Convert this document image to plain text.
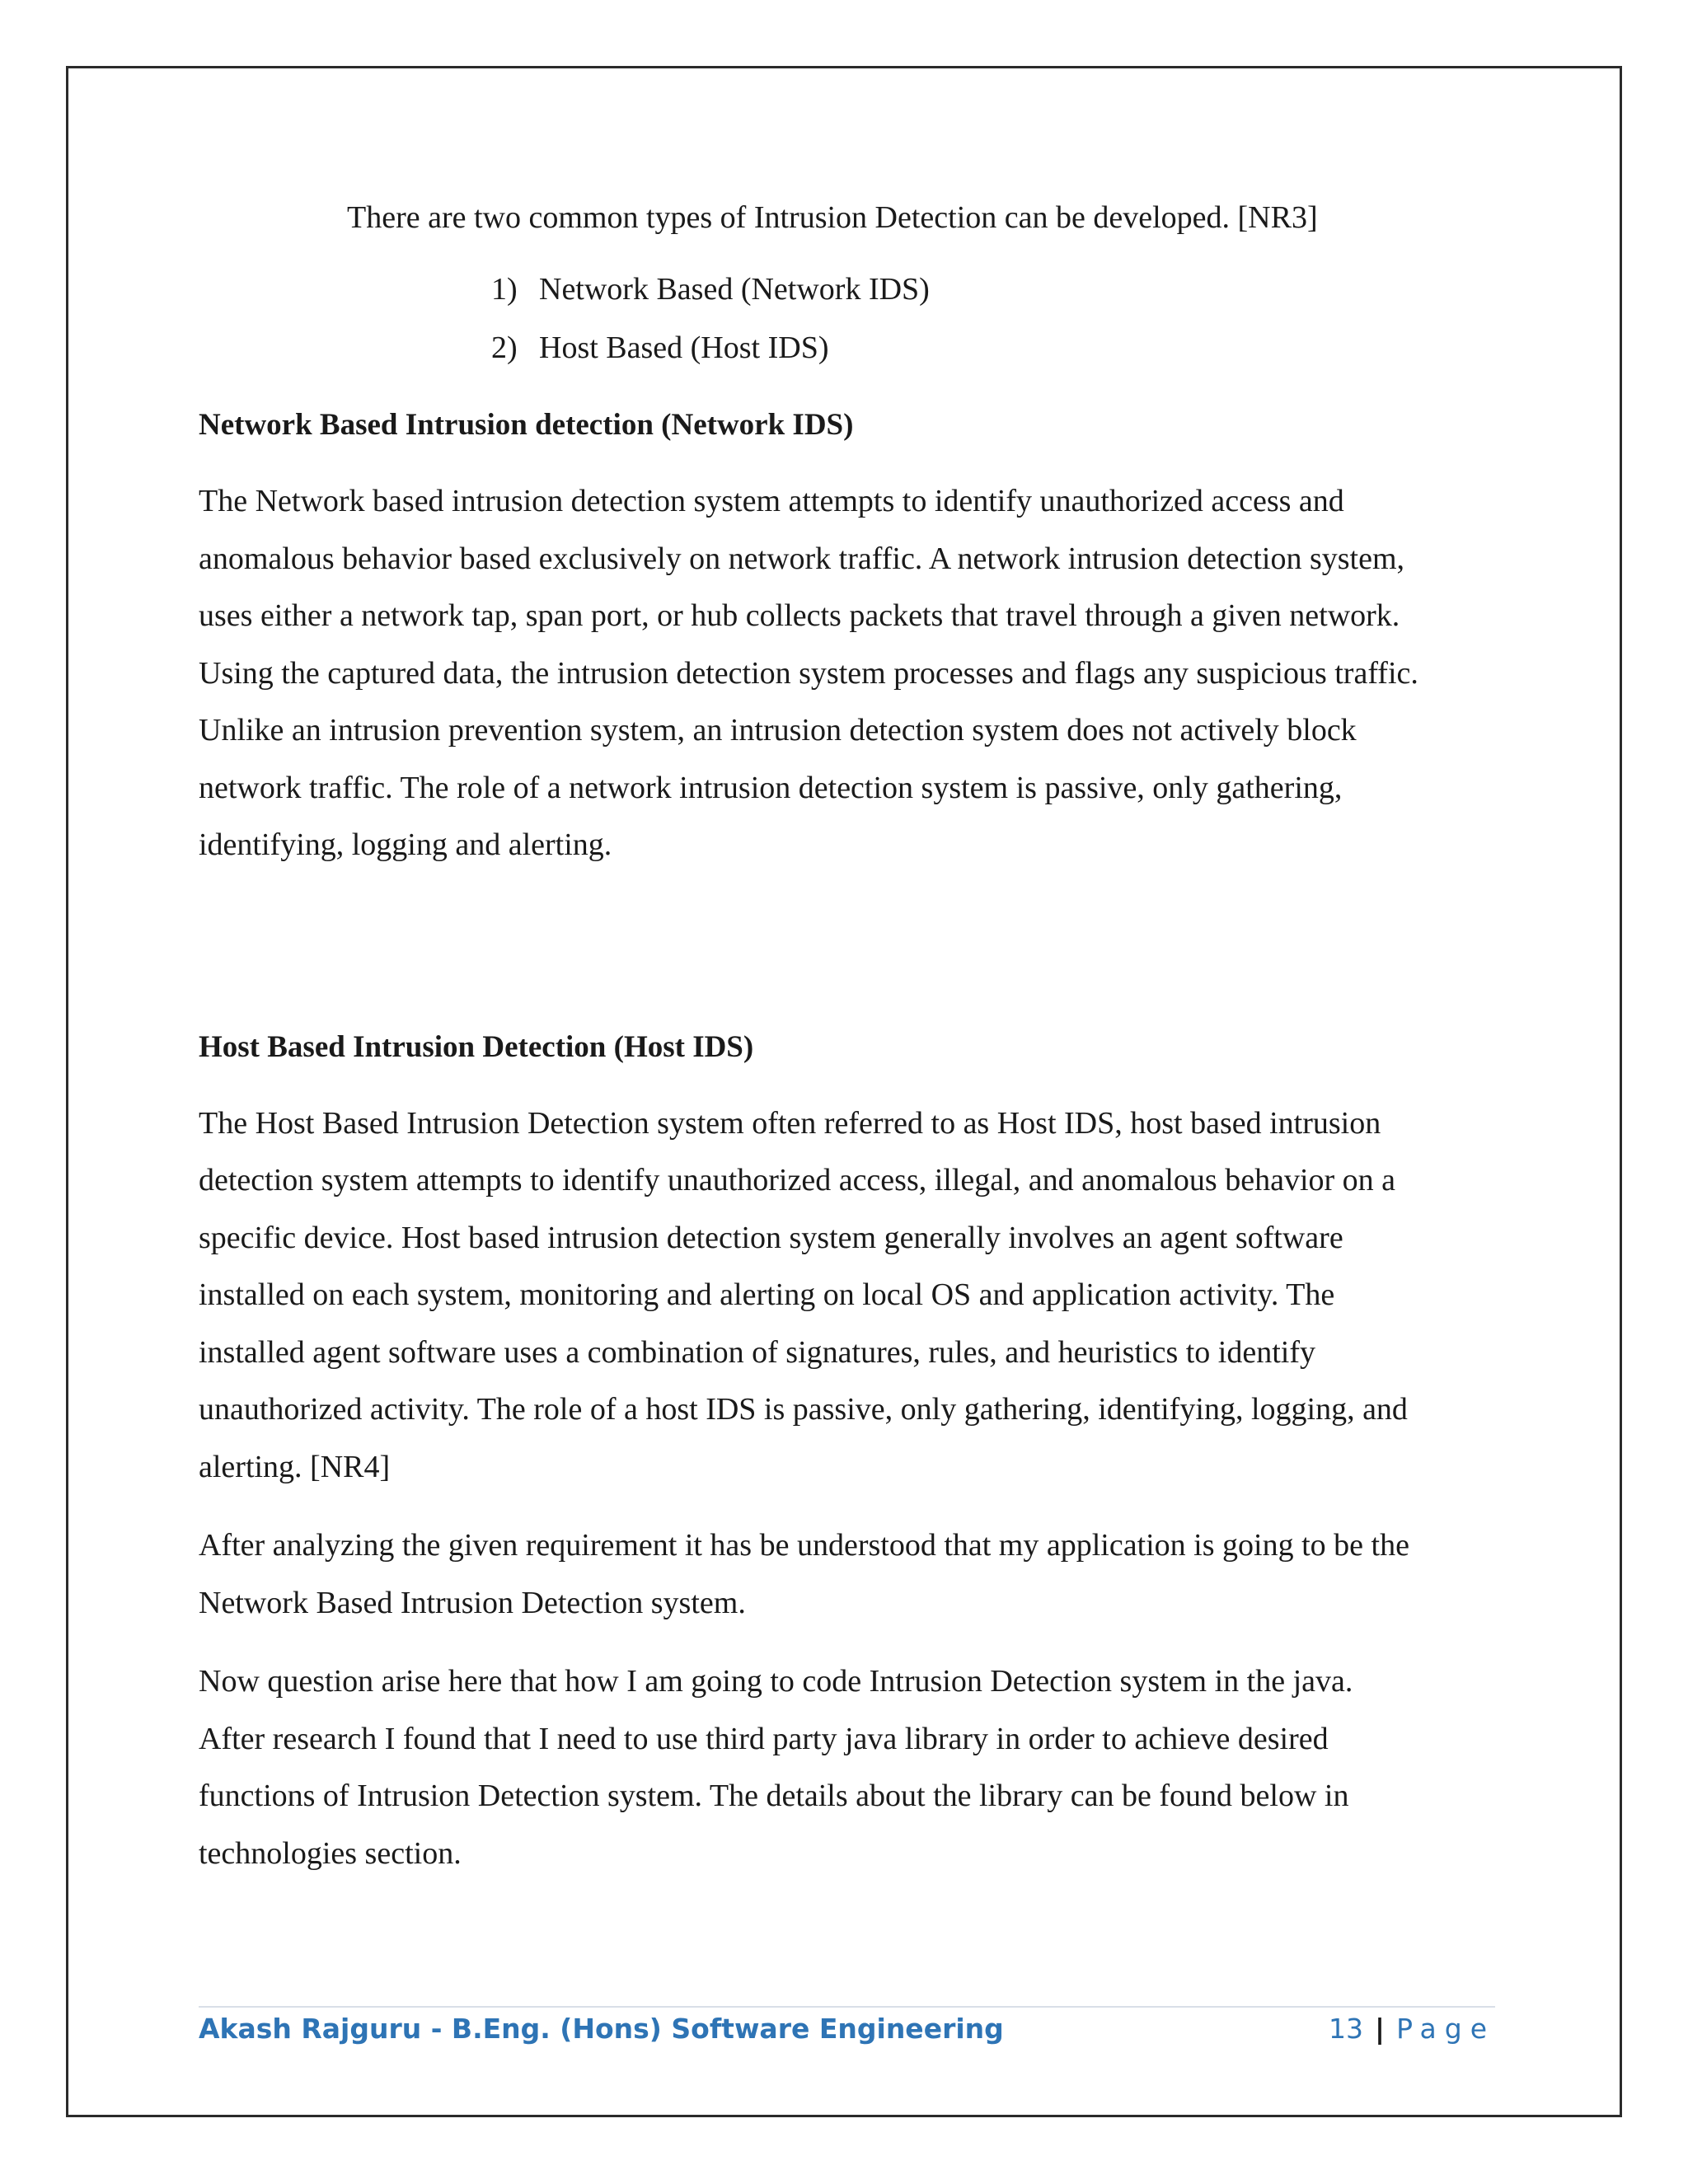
There are two common types of Intrusion Detection can be developed. [NR3]

1) Network Based (Network IDS)
2) Host Based (Host IDS)
Network Based Intrusion detection (Network IDS)

The Network based intrusion detection system attempts to identify unauthorized access and
anomalous behavior based exclusively on network traffic. A network intrusion detection system,
uses either a network tap, span port, or hub collects packets that travel through a given network.
Using the captured data, the intrusion detection system processes and flags any suspicious traffic.
Unlike an intrusion prevention system, an intrusion detection system does not actively block
network traffic. The role of a network intrusion detection system is passive, only gathering,
identifying, logging and alerting.

Host Based Intrusion Detection (Host IDS)

The Host Based Intrusion Detection system often referred to as Host IDS, host based intrusion
detection system attempts to identify unauthorized access, illegal, and anomalous behavior on a
specific device. Host based intrusion detection system generally involves an agent software
installed on each system, monitoring and alerting on local OS and application activity. The
installed agent software uses a combination of signatures, rules, and heuristics to identify
unauthorized activity. The role of a host IDS is passive, only gathering, identifying, logging, and
alerting. [NR4]

After analyzing the given requirement it has be understood that my application is going to be the
Network Based Intrusion Detection system.

Now question arise here that how I am going to code Intrusion Detection system in the java.
After research I found that I need to use third party java library in order to achieve desired
functions of Intrusion Detection system. The details about the library can be found below in
technologies section.

Akash Rajguru - B.Eng. (Hons) Software Engineering	13 | Page
